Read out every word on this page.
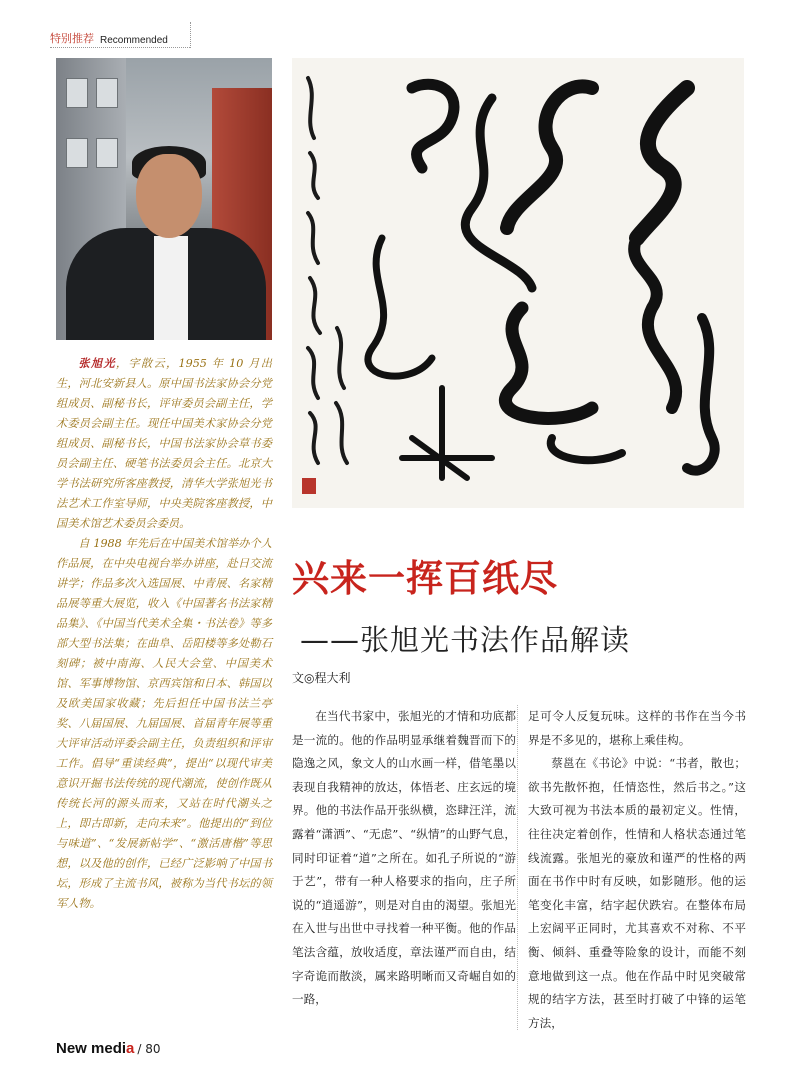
特别推荐 Recommended

张旭光，字散云，1955 年 10 月出生，河北安新县人。原中国书法家协会分党组成员、副秘书长，评审委员会副主任，学术委员会副主任。现任中国美术家协会分党组成员、副秘书长，中国书法家协会草书委员会副主任、硬笔书法委员会主任。北京大学书法研究所客座教授，清华大学张旭光书法艺术工作室导师，中央美院客座教授，中国美术馆艺术委员会委员。

自 1988 年先后在中国美术馆举办个人作品展，在中央电视台举办讲座，赴日交流讲学；作品多次入选国展、中青展、名家精品展等重大展览，收入《中国著名书法家精品集》、《中国当代美术全集・书法卷》等多部大型书法集；在曲阜、岳阳楼等多处勒石刻碑；被中南海、人民大会堂、中国美术馆、军事博物馆、京西宾馆和日本、韩国以及欧美国家收藏；先后担任中国书法兰亭奖、八届国展、九届国展、首届青年展等重大评审活动评委会副主任，负责组织和评审工作。倡导“重读经典”，提出“以现代审美意识开掘书法传统的现代潮流，使创作既从传统长河的源头而来，又站在时代潮头之上，即古即新，走向未来”。他提出的“到位与味道”、“发展新帖学”、“激活唐楷”等思想，以及他的创作，已经广泛影响了中国书坛，形成了主流书风，被称为当代书坛的领军人物。

兴来一挥百纸尽
——张旭光书法作品解读
文◎程大利

在当代书家中，张旭光的才情和功底都是一流的。他的作品明显承继着魏晋而下的隐逸之风，象文人的山水画一样，借笔墨以表现自我精神的放达，体悟老、庄玄远的境界。他的书法作品开张纵横，恣肆汪洋，流露着“潇洒”、“无虑”、“纵情”的山野气息，同时印证着“道”之所在。如孔子所说的“游于艺”，带有一种人格要求的指向，庄子所说的“逍遥游”，则是对自由的渴望。张旭光在入世与出世中寻找着一种平衡。他的作品笔法含蕴，放收适度，章法谨严而自由，结字奇诡而散淡，属来路明晰而又奇崛自如的一路，

足可令人反复玩味。这样的书作在当今书界是不多见的，堪称上乘佳构。

蔡邕在《书论》中说：“书者，散也；欲书先散怀抱，任情恣性，然后书之。”这大致可视为书法本质的最初定义。性情，往往决定着创作，性情和人格状态通过笔线流露。张旭光的豪放和谨严的性格的两面在书作中时有反映，如影随形。他的运笔变化丰富，结字起伏跌宕。在整体布局上宏阔平正同时，尤其喜欢不对称、不平衡、倾斜、重叠等险象的设计，而能不刻意地做到这一点。他在作品中时见突破常规的结字方法，甚至时打破了中锋的运笔方法，

New media / 80
